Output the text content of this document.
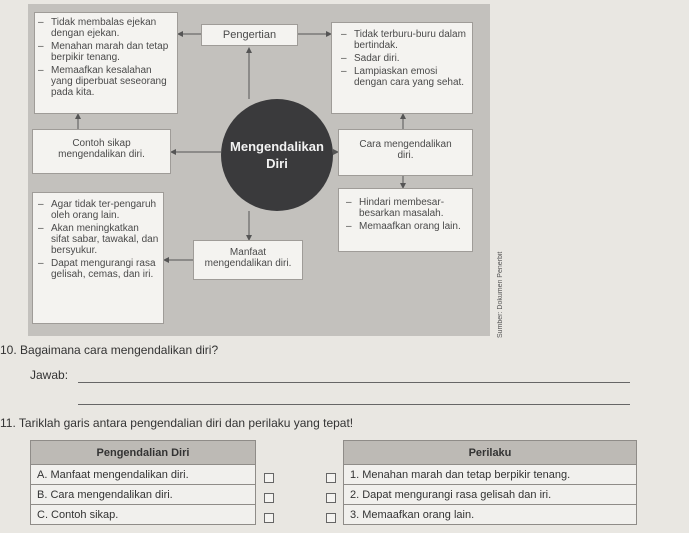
– Tidak membalas ejekan dengan ejekan.
– Menahan marah dan tetap berpikir tenang.
– Memaafkan kesalahan yang diperbuat seseorang pada kita.
Pengertian
–	Tidak terburu-buru dalam bertindak.
– Sadar diri.
– Lampiaskan emosi dengan cara yang sehat.
Contoh sikap mengendalikan diri.
Mengendalikan
Diri
Cara mengendalikan diri.
– Hindari membesar-besarkan masalah.
– Memaafkan orang lain.
– Agar tidak ter-pengaruh oleh orang lain.
– Akan meningkatkan sifat sabar, tawakal, dan bersyukur.
– Dapat mengurangi rasa gelisah, cemas, dan iri.
Manfaat mengendalikan diri.	Sumber: Dokumen Penerbit
10. Bagaimana cara mengendalikan diri?
Jawab:
11. Tariklah garis antara pengendalian diri dan perilaku yang tepat!
Pengendalian Diri
A. Manfaat mengendalikan diri.
B. Cara mengendalikan diri.
C. Contoh sikap.
Perilaku
1. Menahan marah dan tetap berpikir tenang.
2. Dapat mengurangi rasa gelisah dan iri.
3. Memaafkan orang lain.
